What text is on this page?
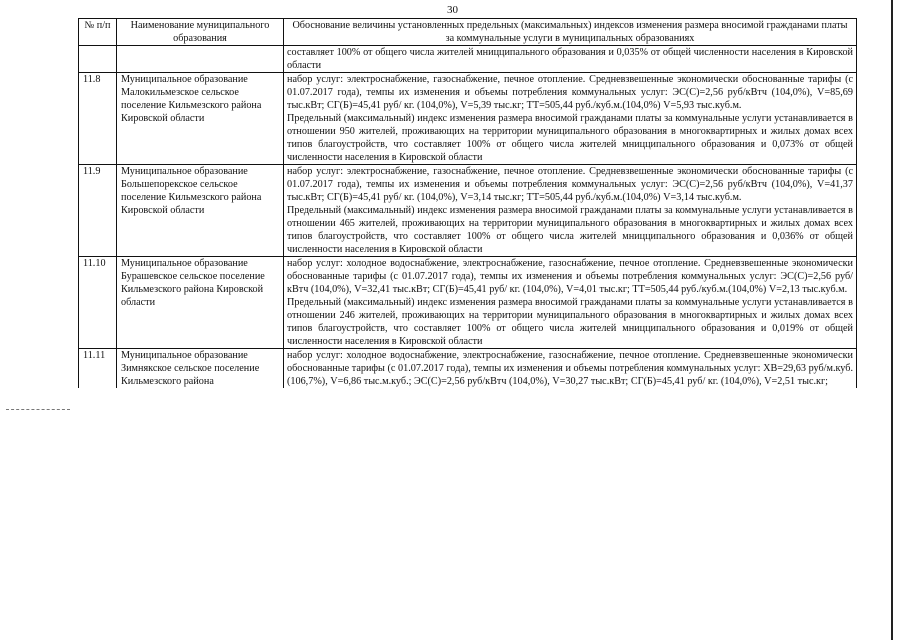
30
№ п/п	Наименование муниципального образования	Обоснование величины установленных предельных (максимальных) индексов изменения размера вносимой гражданами платы за коммунальные услуги в муниципальных образованиях

		составляет 100% от общего числа жителей мницципального образования и 0,035% от общей численности населения в Кировской области

11.8	Муниципальное образование Малокильмезское сельское поселение Кильмезского района Кировской области	набор услуг: электроснабжение, газоснабжение, печное отопление. Средневзвешенные экономически обоснованные тарифы (с 01.07.2017 года), темпы их изменения и объемы потребления коммунальных услуг: ЭС(С)=2,56 руб/кВтч (104,0%), V=85,69 тыс.кВт; СГ(Б)=45,41 руб/ кг. (104,0%), V=5,39 тыс.кг; ТТ=505,44 руб./куб.м.(104,0%) V=5,93 тыс.куб.м.

Предельный (максимальный) индекс изменения размера вносимой гражданами платы за коммунальные услуги устанавливается в отношении 950 жителей, проживающих на территории муниципального образования в многоквартирных и жилых домах всех типов благоустройств, что составляет 100% от общего числа жителей мницципального образования и 0,073% от общей численности населения в Кировской области

11.9	Муниципальное образование Большепорекское сельское поселение Кильмезского района Кировской области	набор услуг: электроснабжение, газоснабжение, печное отопление. Средневзвешенные экономически обоснованные тарифы (с 01.07.2017 года), темпы их изменения и объемы потребления коммунальных услуг: ЭС(С)=2,56 руб/кВтч (104,0%), V=41,37 тыс.кВт; СГ(Б)=45,41 руб/ кг. (104,0%), V=3,14 тыс.кг; ТТ=505,44 руб./куб.м.(104,0%) V=3,14 тыс.куб.м.

Предельный (максимальный) индекс изменения размера вносимой гражданами платы за коммунальные услуги устанавливается в отношении 465 жителей, проживающих на территории муниципального образования в многоквартирных и жилых домах всех типов благоустройств, что составляет 100% от общего числа жителей мницципального образования и 0,036% от общей численности населения в Кировской области

11.10	Муниципальное образование Бурашевское сельское поселение Кильмезского района Кировской области	набор услуг: холодное водоснабжение, электроснабжение, газоснабжение, печное отопление. Средневзвешенные экономически обоснованные тарифы (с 01.07.2017 года), темпы их изменения и объемы потребления коммунальных услуг: ЭС(С)=2,56 руб/кВтч (104,0%), V=32,41 тыс.кВт; СГ(Б)=45,41 руб/ кг. (104,0%), V=4,01 тыс.кг; ТТ=505,44 руб./куб.м.(104,0%) V=2,13 тыс.куб.м.

Предельный (максимальный) индекс изменения размера вносимой гражданами платы за коммунальные услуги устанавливается в отношении 246 жителей, проживающих на территории муниципального образования в многоквартирных и жилых домах всех типов благоустройств, что составляет 100% от общего числа жителей мницципального образования и 0,019% от общей численности населения в Кировской области

11.11	Муниципальное образование Зимнякское сельское поселение Кильмезского района	набор услуг: холодное водоснабжение, электроснабжение, газоснабжение, печное отопление. Средневзвешенные экономически обоснованные тарифы (с 01.07.2017 года), темпы их изменения и объемы потребления коммунальных услуг: ХВ=29,63 руб/м.куб. (106,7%), V=6,86 тыс.м.куб.; ЭС(С)=2,56 руб/кВтч (104,0%), V=30,27 тыс.кВт; СГ(Б)=45,41 руб/ кг. (104,0%), V=2,51 тыс.кг;
